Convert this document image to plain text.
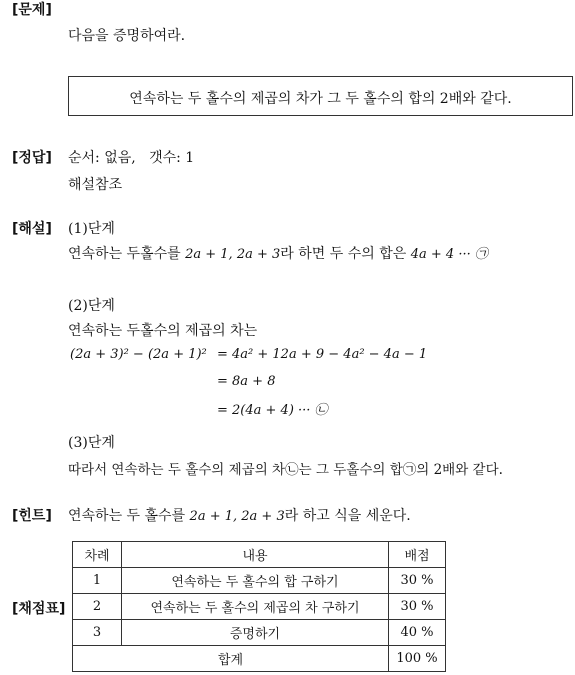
[문제]
다음을 증명하여라.
연속하는 두 홀수의 제곱의 차가 그 두 홀수의 합의 2배와 같다.
[정답] 순서: 없음,   갯수: 1
해설참조
[해설] (1)단계
연속하는 두홀수를 2a + 1, 2a + 3라 하면 두 수의 합은 4a + 4 ··· ㉠
(2)단계
연속하는 두홀수의 제곱의 차는
(2a + 3)² − (2a + 1)² = 4a² + 12a + 9 − 4a² − 4a − 1
= 8a + 8
= 2(4a + 4) ··· ㉡
(3)단계
따라서 연속하는 두 홀수의 제곱의 차㉡는 그 두홀수의 합㉠의 2배와 같다.
[힌트] 연속하는 두 홀수를 2a + 1, 2a + 3라 하고 식을 세운다.
[채점표]
차례	내용	배점
1	연속하는 두 홀수의 합 구하기	30 %
2	연속하는 두 홀수의 제곱의 차 구하기	30 %
3	증명하기	40 %
합계		100 %
